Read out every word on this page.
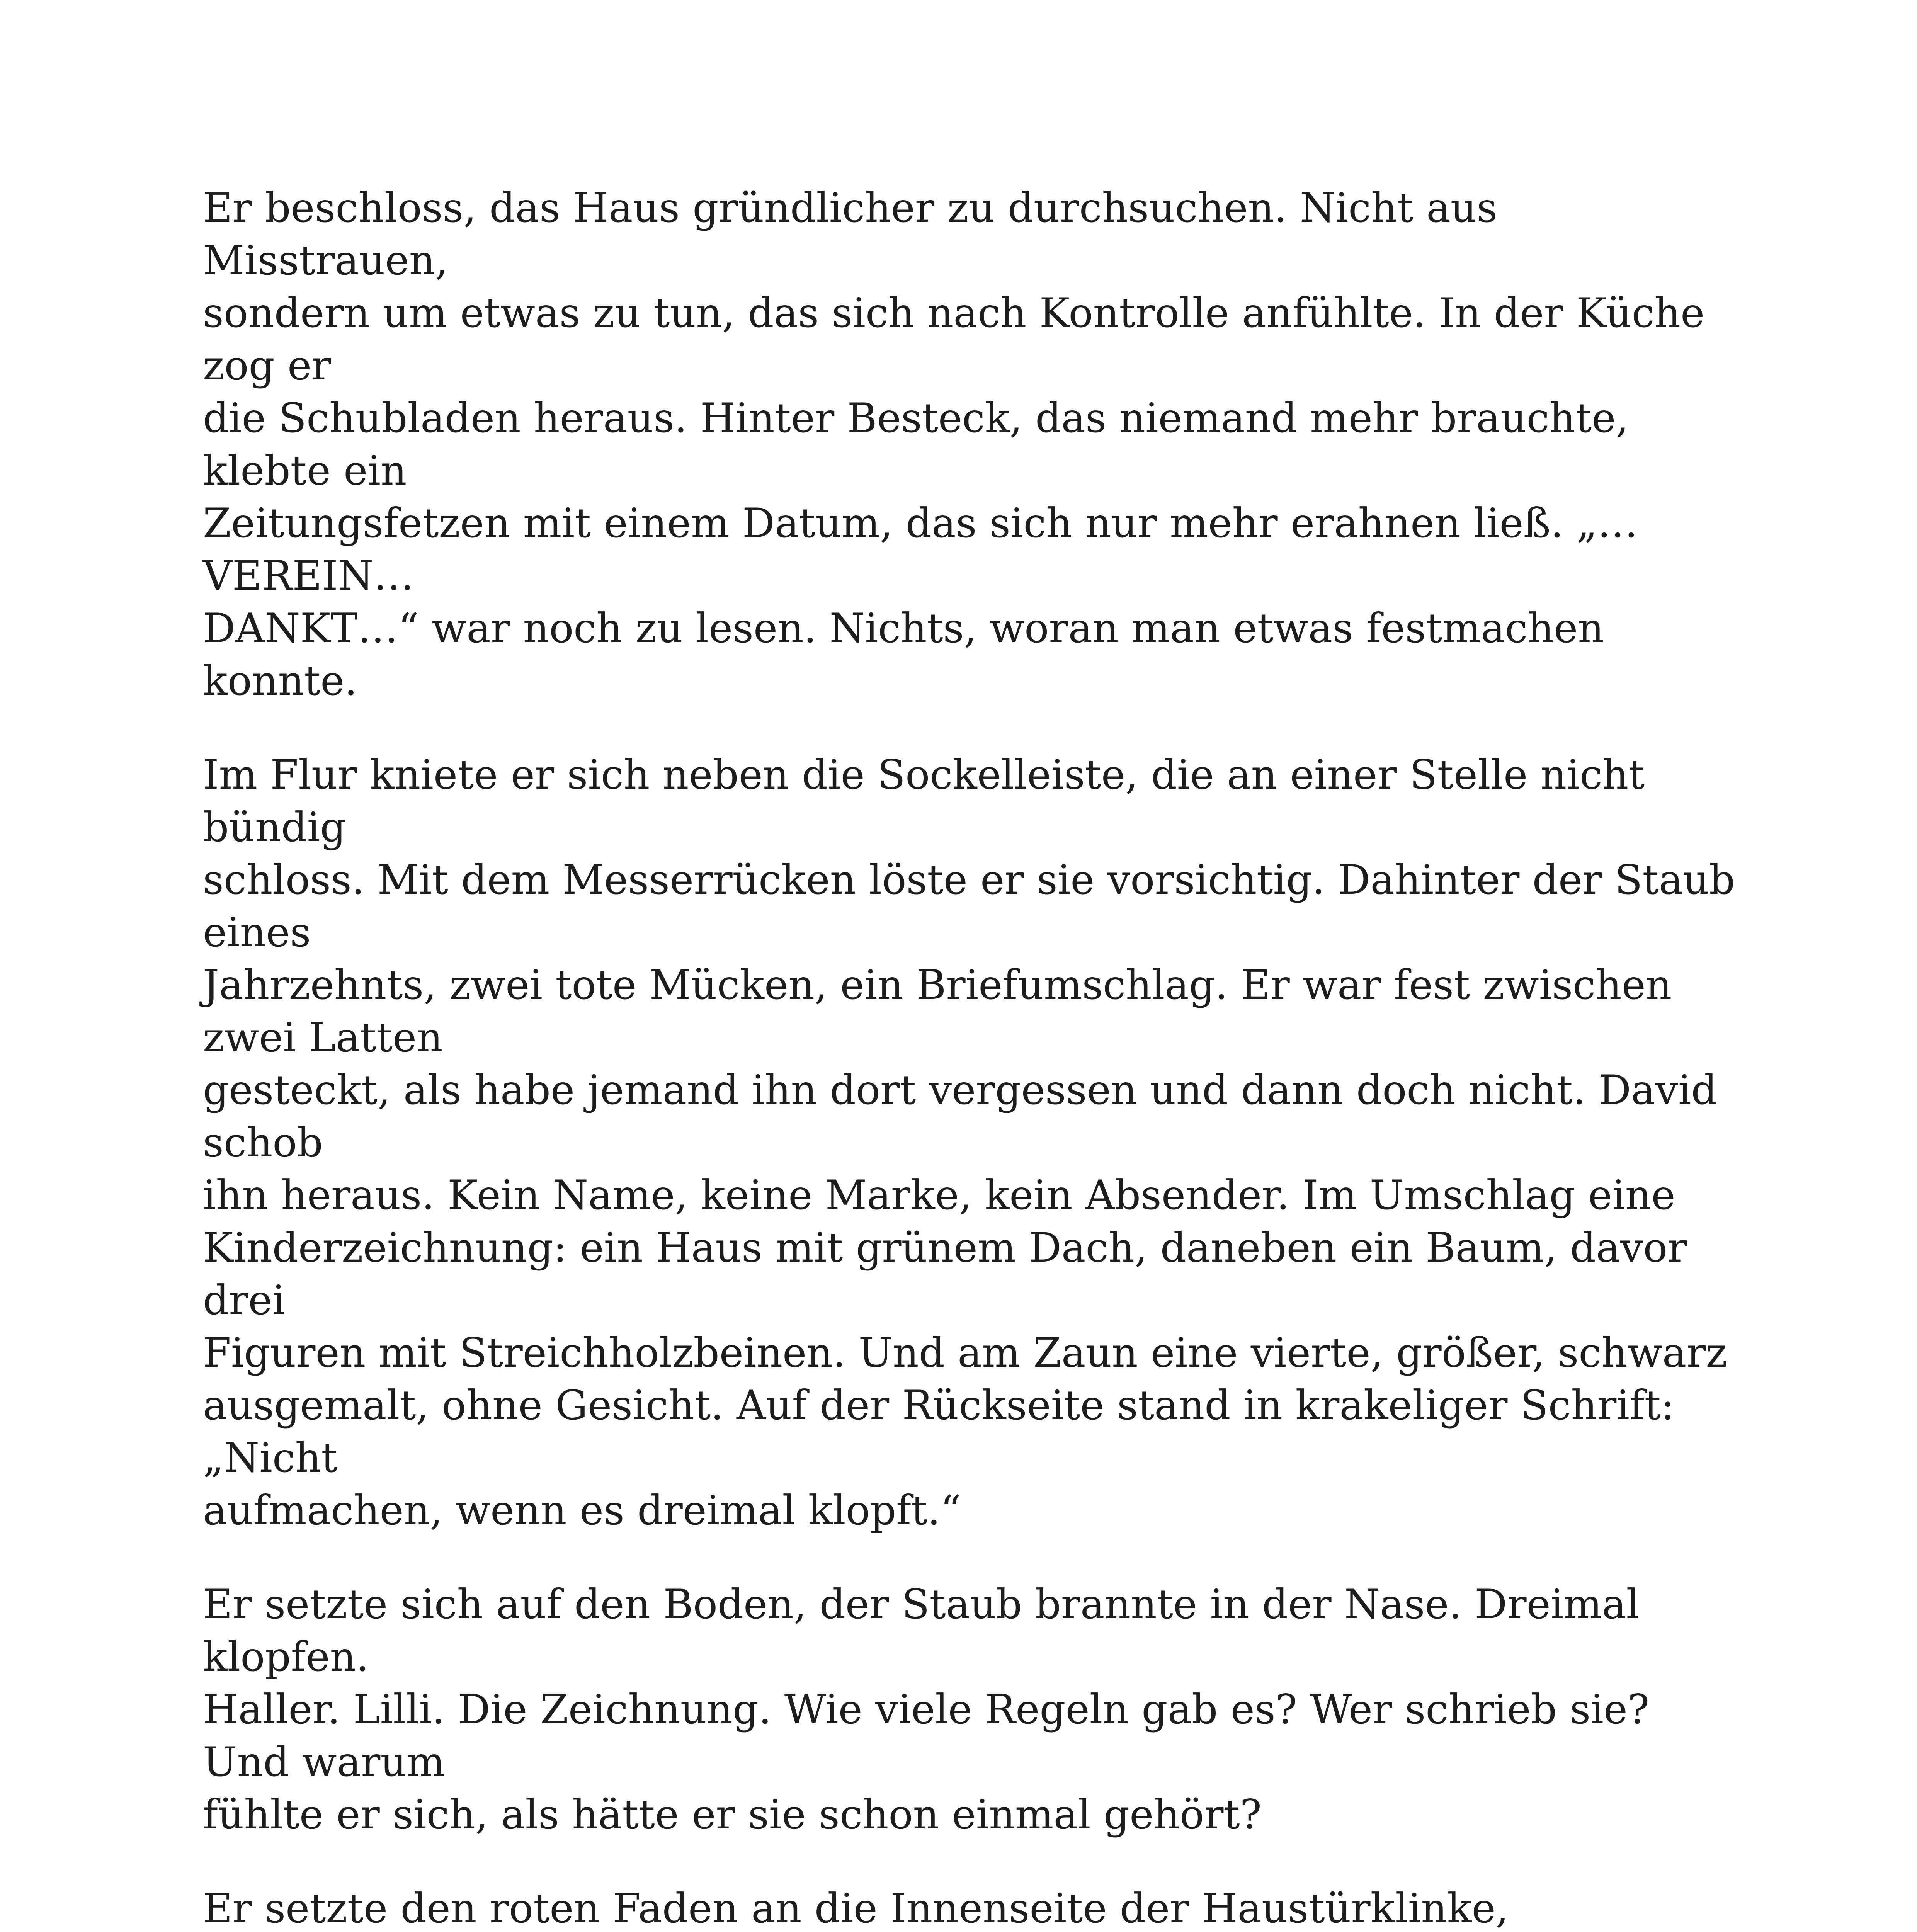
Er beschloss, das Haus gründlicher zu durchsuchen. Nicht aus Misstrauen,
sondern um etwas zu tun, das sich nach Kontrolle anfühlte. In der Küche zog er
die Schubladen heraus. Hinter Besteck, das niemand mehr brauchte, klebte ein
Zeitungsfetzen mit einem Datum, das sich nur mehr erahnen ließ. „…VEREIN…
DANKT…“ war noch zu lesen. Nichts, woran man etwas festmachen konnte.

Im Flur kniete er sich neben die Sockelleiste, die an einer Stelle nicht bündig
schloss. Mit dem Messerrücken löste er sie vorsichtig. Dahinter der Staub eines
Jahrzehnts, zwei tote Mücken, ein Briefumschlag. Er war fest zwischen zwei Latten
gesteckt, als habe jemand ihn dort vergessen und dann doch nicht. David schob
ihn heraus. Kein Name, keine Marke, kein Absender. Im Umschlag eine
Kinderzeichnung: ein Haus mit grünem Dach, daneben ein Baum, davor drei
Figuren mit Streichholzbeinen. Und am Zaun eine vierte, größer, schwarz
ausgemalt, ohne Gesicht. Auf der Rückseite stand in krakeliger Schrift: „Nicht
aufmachen, wenn es dreimal klopft.“

Er setzte sich auf den Boden, der Staub brannte in der Nase. Dreimal klopfen.
Haller. Lilli. Die Zeichnung. Wie viele Regeln gab es? Wer schrieb sie? Und warum
fühlte er sich, als hätte er sie schon einmal gehört?

Er setzte den roten Faden an die Innenseite der Haustürklinke,
